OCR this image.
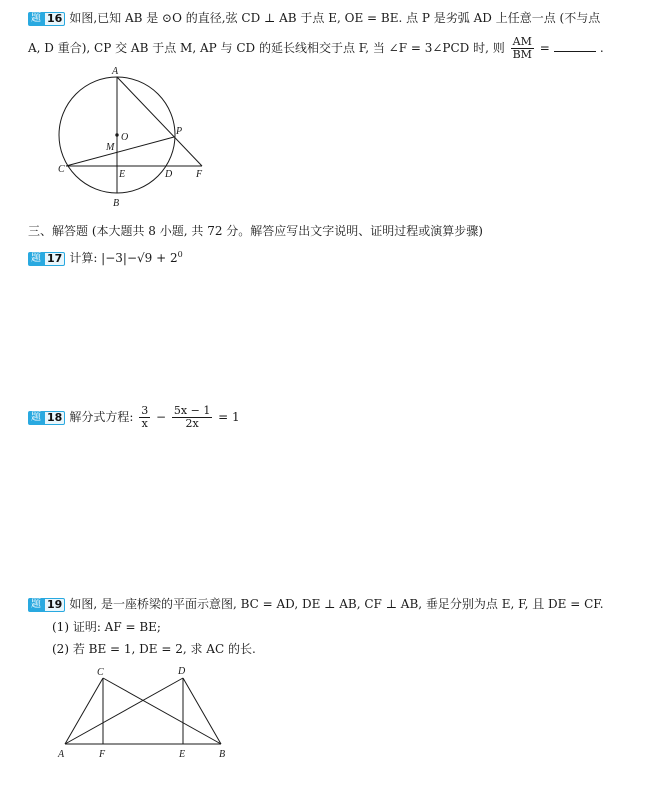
题 16 如图,已知 AB 是 ⊙O 的直径,弦 CD ⊥ AB 于点 E, OE = BE. 点 P 是劣弧 AD 上任意一点 (不与点
A, D 重合), CP 交 AB 于点 M, AP 与 CD 的延长线相交于点 F, 当 ∠F = 3∠PCD 时, 则 $\frac{AM}{BM}$ =	.
A
O
M
P
C	E	D F
B
三、解答题 (本大题共 8 小题, 共 72 分。解答应写出文字说明、证明过程或演算步骤)
题 17 计算: $|-3|-√9 + 2^0$
题 18 解分式方程: $\frac{3}{x} - \frac{5x - 1}{2x} = 1$
题 19 如图, 是一座桥梁的平面示意图, BC = AD, DE ⊥ AB, CF ⊥ AB, 垂足分别为点 E, F, 且 DE = CF.
(1) 证明: AF = BE;
(2) 若 BE = 1, DE = 2, 求 AC 的长.
C	D
A	F	E	B
